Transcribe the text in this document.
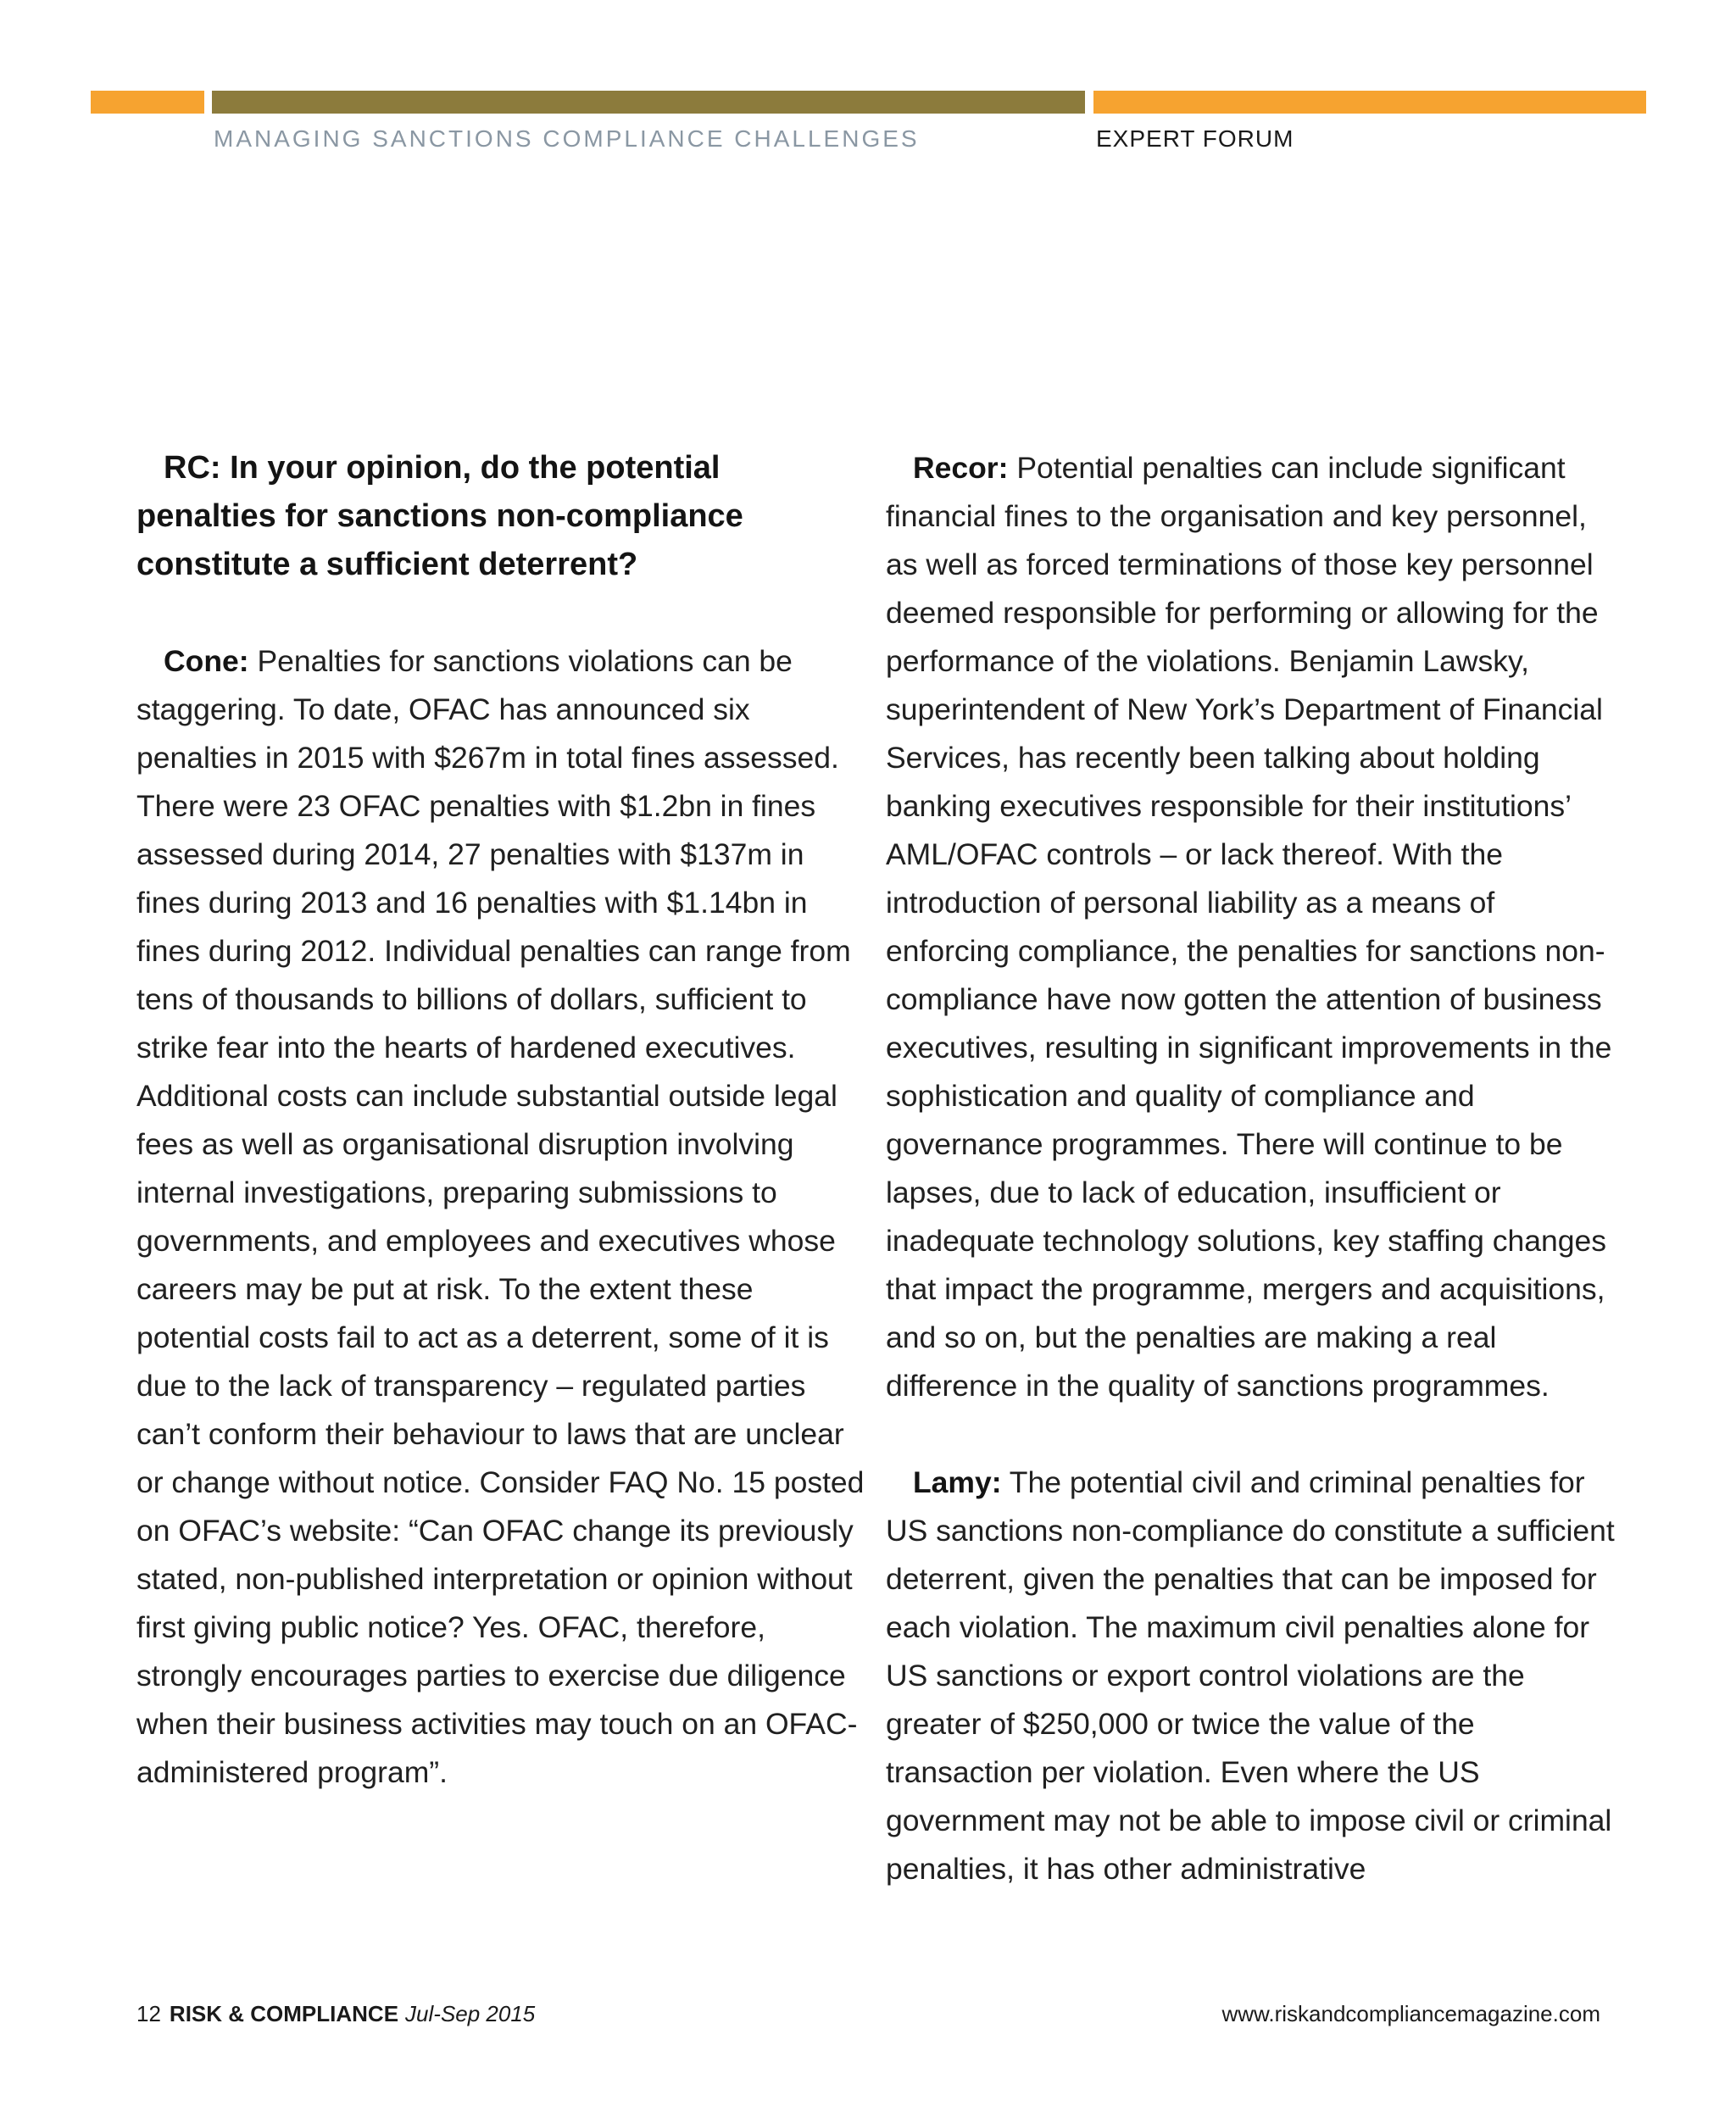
MANAGING SANCTIONS COMPLIANCE CHALLENGES	EXPERT FORUM

RC: In your opinion, do the potential penalties for sanctions non-compliance constitute a sufficient deterrent?

Cone: Penalties for sanctions violations can be staggering. To date, OFAC has announced six penalties in 2015 with $267m in total fines assessed. There were 23 OFAC penalties with $1.2bn in fines assessed during 2014, 27 penalties with $137m in fines during 2013 and 16 penalties with $1.14bn in fines during 2012. Individual penalties can range from tens of thousands to billions of dollars, sufficient to strike fear into the hearts of hardened executives. Additional costs can include substantial outside legal fees as well as organisational disruption involving internal investigations, preparing submissions to governments, and employees and executives whose careers may be put at risk. To the extent these potential costs fail to act as a deterrent, some of it is due to the lack of transparency – regulated parties can’t conform their behaviour to laws that are unclear or change without notice. Consider FAQ No. 15 posted on OFAC’s website: “Can OFAC change its previously stated, non-published interpretation or opinion without first giving public notice? Yes. OFAC, therefore, strongly encourages parties to exercise due diligence when their business activities may touch on an OFAC-administered program”.

Recor: Potential penalties can include significant financial fines to the organisation and key personnel, as well as forced terminations of those key personnel deemed responsible for performing or allowing for the performance of the violations. Benjamin Lawsky, superintendent of New York’s Department of Financial Services, has recently been talking about holding banking executives responsible for their institutions’ AML/OFAC controls – or lack thereof. With the introduction of personal liability as a means of enforcing compliance, the penalties for sanctions non-compliance have now gotten the attention of business executives, resulting in significant improvements in the sophistication and quality of compliance and governance programmes. There will continue to be lapses, due to lack of education, insufficient or inadequate technology solutions, key staffing changes that impact the programme, mergers and acquisitions, and so on, but the penalties are making a real difference in the quality of sanctions programmes.

Lamy: The potential civil and criminal penalties for US sanctions non-compliance do constitute a sufficient deterrent, given the penalties that can be imposed for each violation. The maximum civil penalties alone for US sanctions or export control violations are the greater of $250,000 or twice the value of the transaction per violation. Even where the US government may not be able to impose civil or criminal penalties, it has other administrative

12 RISK & COMPLIANCE Jul-Sep 2015	www.riskandcompliancemagazine.com
